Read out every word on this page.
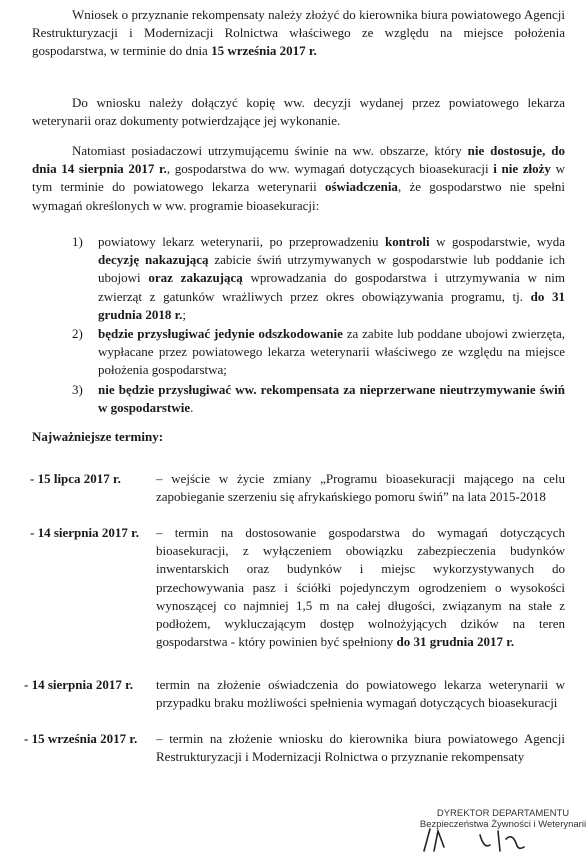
Wniosek o przyznanie rekompensaty należy złożyć do kierownika biura powiatowego Agencji Restrukturyzacji i Modernizacji Rolnictwa właściwego ze względu na miejsce położenia gospodarstwa, w terminie do dnia 15 września 2017 r.
Do wniosku należy dołączyć kopię ww. decyzji wydanej przez powiatowego lekarza weterynarii oraz dokumenty potwierdzające jej wykonanie.
Natomiast posiadaczowi utrzymującemu świnie na ww. obszarze, który nie dostosuje, do dnia 14 sierpnia 2017 r., gospodarstwa do ww. wymagań dotyczących bioasekuracji i nie złoży w tym terminie do powiatowego lekarza weterynarii oświadczenia, że gospodarstwo nie spełni wymagań określonych w ww. programie bioasekuracji:
1) powiatowy lekarz weterynarii, po przeprowadzeniu kontroli w gospodarstwie, wyda decyzję nakazującą zabicie świń utrzymywanych w gospodarstwie lub poddanie ich ubojowi oraz zakazującą wprowadzania do gospodarstwa i utrzymywania w nim zwierząt z gatunków wrażliwych przez okres obowiązywania programu, tj. do 31 grudnia 2018 r.;
2) będzie przysługiwać jedynie odszkodowanie za zabite lub poddane ubojowi zwierzęta, wypłacane przez powiatowego lekarza weterynarii właściwego ze względu na miejsce położenia gospodarstwa;
3) nie będzie przysługiwać ww. rekompensata za nieprzerwane nieutrzymywanie świń w gospodarstwie.
Najważniejsze terminy:
- 15 lipca 2017 r.	– wejście w życie zmiany „Programu bioasekuracji mającego na celu zapobieganie szerzeniu się afrykańskiego pomoru świń” na lata 2015-2018
- 14 sierpnia 2017 r. – termin na dostosowanie gospodarstwa do wymagań dotyczących bioasekuracji, z wyłączeniem obowiązku zabezpieczenia budynków inwentarskich oraz budynków i miejsc wykorzystywanych do przechowywania pasz i ściółki pojedynczym ogrodzeniem o wysokości wynoszącej co najmniej 1,5 m na całej długości, związanym na stałe z podłożem, wykluczającym dostęp wolnożyjących dzików na teren gospodarstwa - który powinien być spełniony do 31 grudnia 2017 r.
- 14 sierpnia 2017 r. termin na złożenie oświadczenia do powiatowego lekarza weterynarii w przypadku braku możliwości spełnienia wymagań dotyczących bioasekuracji
- 15 września 2017 r. – termin na złożenie wniosku do kierownika biura powiatowego Agencji Restrukturyzacji i Modernizacji Rolnictwa o przyznanie rekompensaty
DYREKTOR DEPARTAMENTU
Bezpieczeństwa Żywności i Weterynarii
